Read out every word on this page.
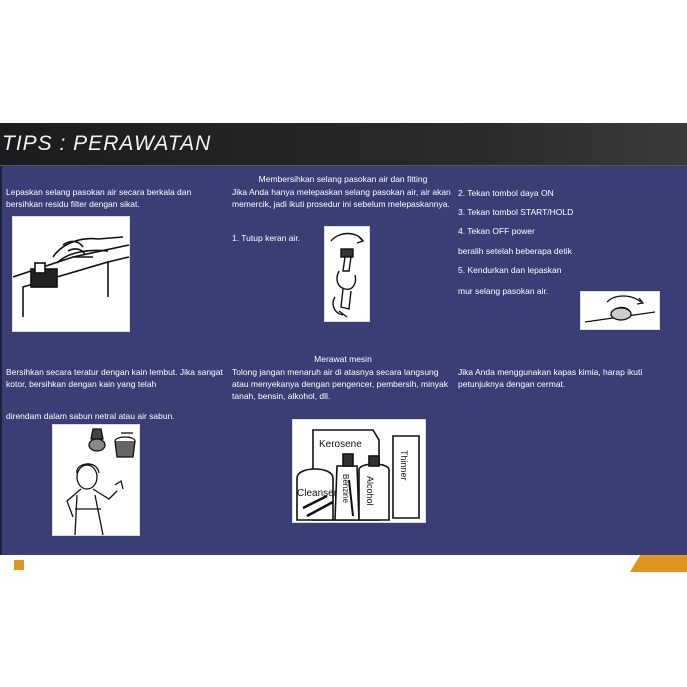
TIPS : PERAWATAN
Membersihkan selang pasokan air dan fitting
Lepaskan selang pasokan air secara berkala dan bersihkan residu filter dengan sikat.
Jika Anda hanya melepaskan selang pasokan air, air akan memercik, jadi ikuti prosedur ini sebelum melepaskannya.
1. Tutup keran air.
2. Tekan tombol daya ON
3. Tekan tombol START/HOLD
4. Tekan OFF power
beralih setelah beberapa detik
5. Kendurkan dan lepaskan
mur selang pasokan air.
Merawat mesin
Bersihkan secara teratur dengan kain lembut. Jika sangat kotor, bersihkan dengan kain yang telah
direndam dalam sabun netral atau air sabun.
Tolong jangan menaruh air di atasnya secara langsung atau menyekanya dengan pengencer, pembersih, minyak tanah, bensin, alkohol, dll.
Jika Anda menggunakan kapas kimia, harap ikuti petunjuknya dengan cermat.
Kerosene
Thinner
Benzine Alcohol
Cleanser
